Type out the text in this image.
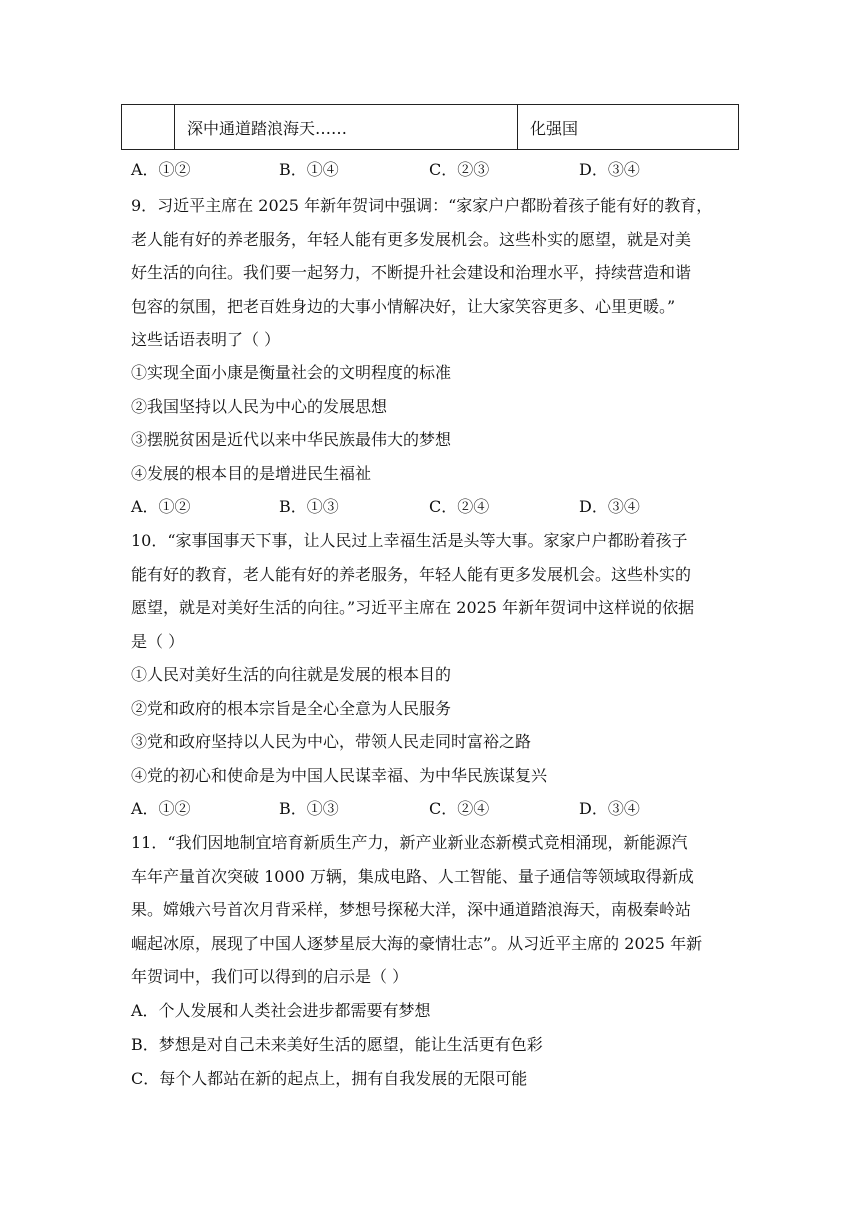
	深中通道踏浪海天……	化强国
A．①②	B．①④	C．②③	D．③④
9．习近平主席在 2025 年新年贺词中强调：“家家户户都盼着孩子能有好的教育，
老人能有好的养老服务，年轻人能有更多发展机会。这些朴实的愿望，就是对美
好生活的向往。我们要一起努力，不断提升社会建设和治理水平，持续营造和谐
包容的氛围，把老百姓身边的大事小情解决好，让大家笑容更多、心里更暖。”
这些话语表明了（ ）
①实现全面小康是衡量社会的文明程度的标准
②我国坚持以人民为中心的发展思想
③摆脱贫困是近代以来中华民族最伟大的梦想
④发展的根本目的是增进民生福祉
A．①②	B．①③	C．②④	D．③④
10．“家事国事天下事，让人民过上幸福生活是头等大事。家家户户都盼着孩子
能有好的教育，老人能有好的养老服务，年轻人能有更多发展机会。这些朴实的
愿望，就是对美好生活的向往。”习近平主席在 2025 年新年贺词中这样说的依据
是（ ）
①人民对美好生活的向往就是发展的根本目的
②党和政府的根本宗旨是全心全意为人民服务
③党和政府坚持以人民为中心，带领人民走同时富裕之路
④党的初心和使命是为中国人民谋幸福、为中华民族谋复兴
A．①②	B．①③	C．②④	D．③④
11．“我们因地制宜培育新质生产力，新产业新业态新模式竞相涌现，新能源汽
车年产量首次突破 1000 万辆，集成电路、人工智能、量子通信等领域取得新成
果。嫦娥六号首次月背采样，梦想号探秘大洋，深中通道踏浪海天，南极秦岭站
崛起冰原，展现了中国人逐梦星辰大海的豪情壮志”。从习近平主席的 2025 年新
年贺词中，我们可以得到的启示是（ ）
A．个人发展和人类社会进步都需要有梦想
B．梦想是对自己未来美好生活的愿望，能让生活更有色彩
C．每个人都站在新的起点上，拥有自我发展的无限可能
